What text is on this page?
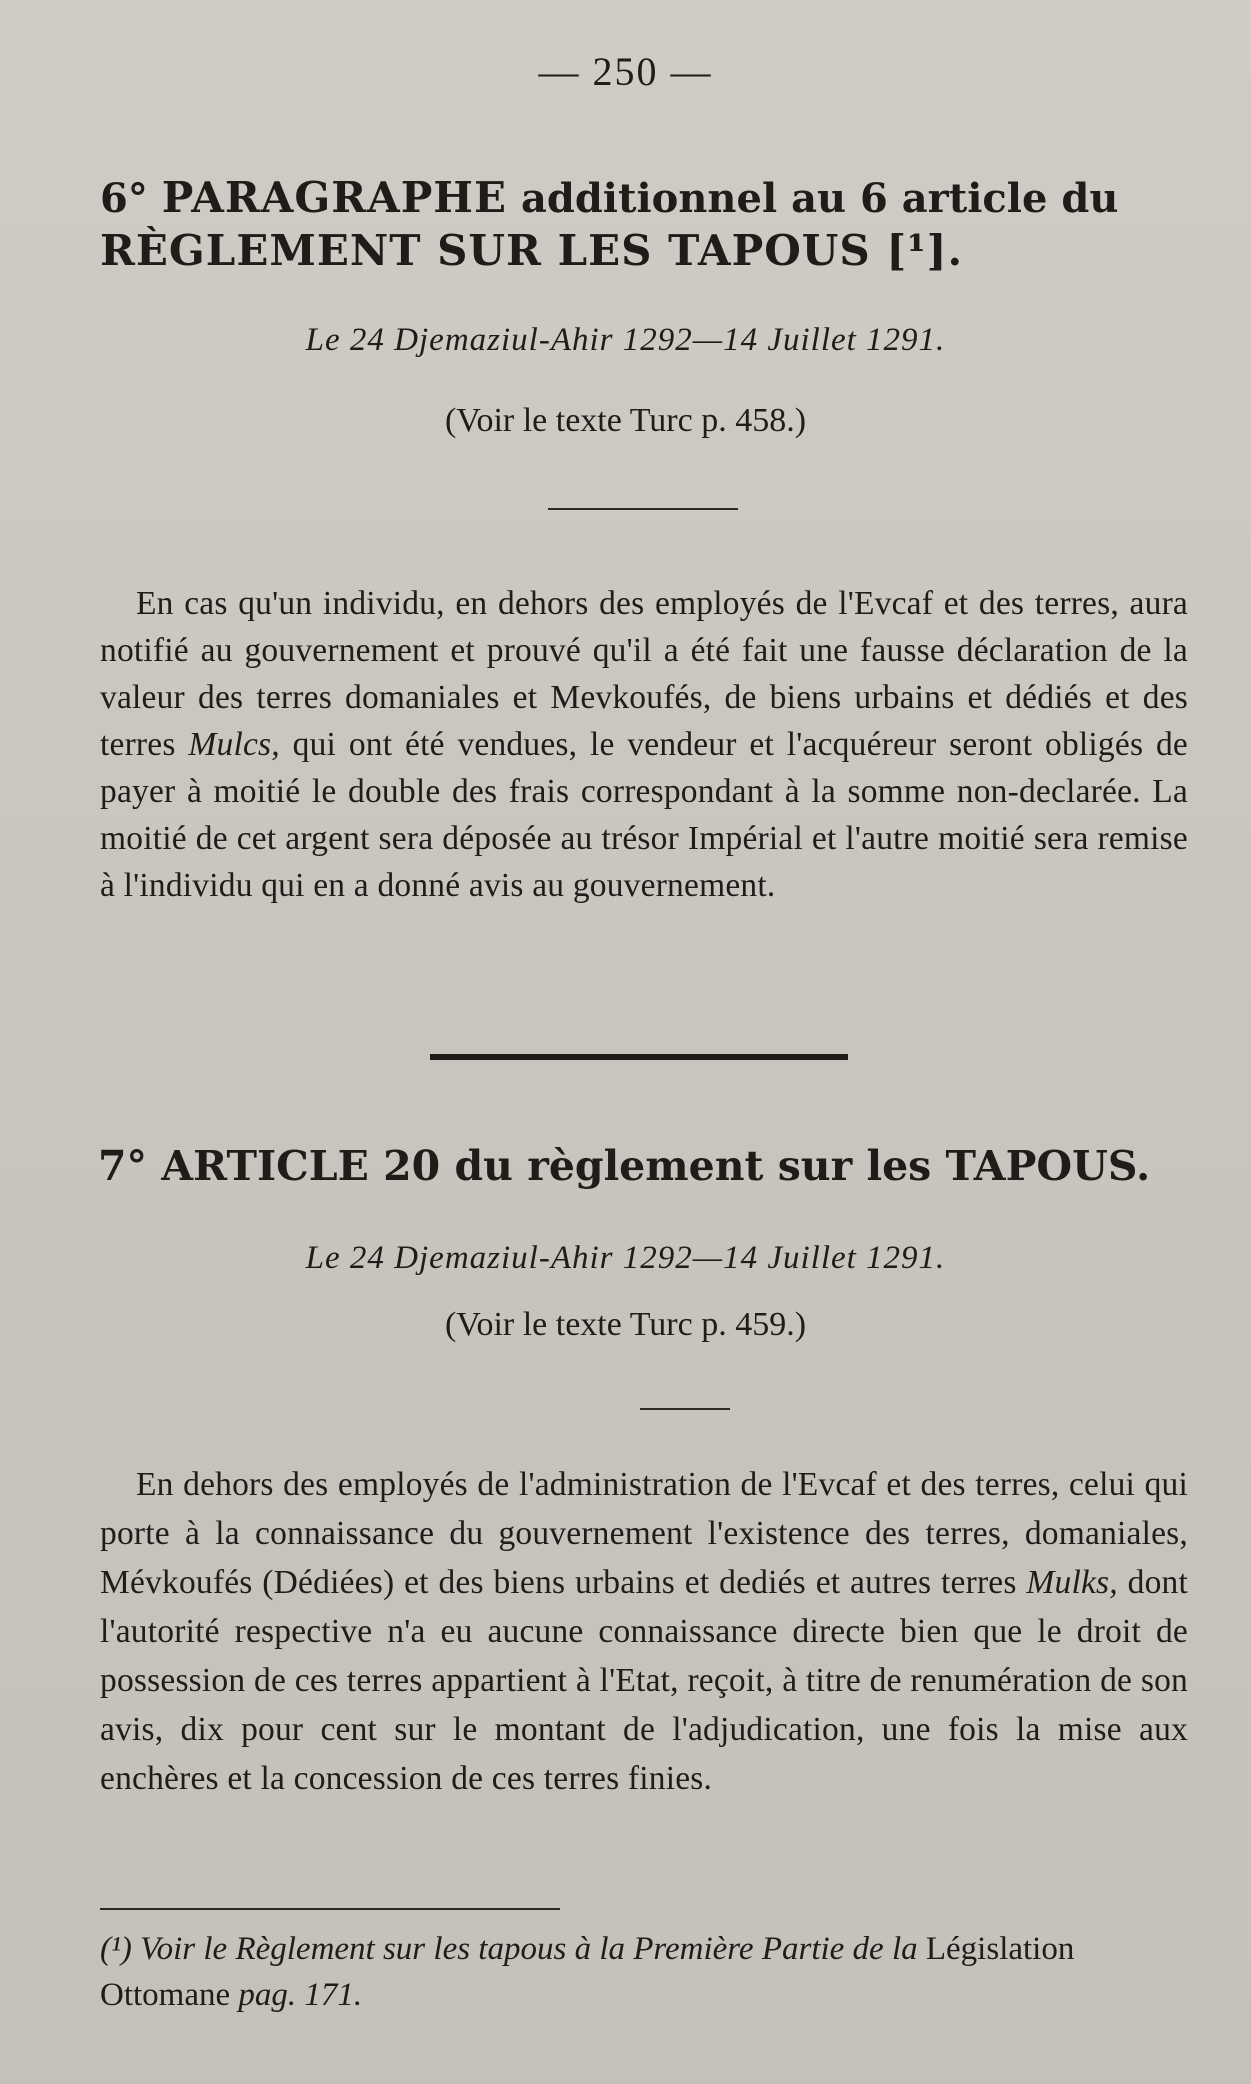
— 250 —
6° PARAGRAPHE additionnel au 6 article du
RÈGLEMENT SUR LES TAPOUS [¹].
Le 24 Djemaziul-Ahir 1292—14 Juillet 1291.
(Voir le texte Turc p. 458.)
En cas qu'un individu, en dehors des employés de l'Evcaf et des terres, aura notifié au gouvernement et prouvé qu'il a été fait une fausse déclaration de la valeur des terres domaniales et Mevkoufés, de biens urbains et dédiés et des terres Mulcs, qui ont été vendues, le vendeur et l'acquéreur seront obligés de payer à moitié le double des frais correspondant à la somme non-declarée. La moitié de cet argent sera déposée au trésor Impérial et l'autre moitié sera remise à l'individu qui en a donné avis au gouvernement.
7° ARTICLE 20 du règlement sur les TAPOUS.
Le 24 Djemaziul-Ahir 1292—14 Juillet 1291.
(Voir le texte Turc p. 459.)
En dehors des employés de l'administration de l'Evcaf et des terres, celui qui porte à la connaissance du gouvernement l'existence des terres, domaniales, Mévkoufés (Dédiées) et des biens urbains et dediés et autres terres Mulks, dont l'autorité respective n'a eu aucune connaissance directe bien que le droit de possession de ces terres appartient à l'Etat, reçoit, à titre de renumération de son avis, dix pour cent sur le montant de l'adjudication, une fois la mise aux enchères et la concession de ces terres finies.
(¹) Voir le Règlement sur les tapous à la Première Partie de la Législation Ottomane pag. 171.
